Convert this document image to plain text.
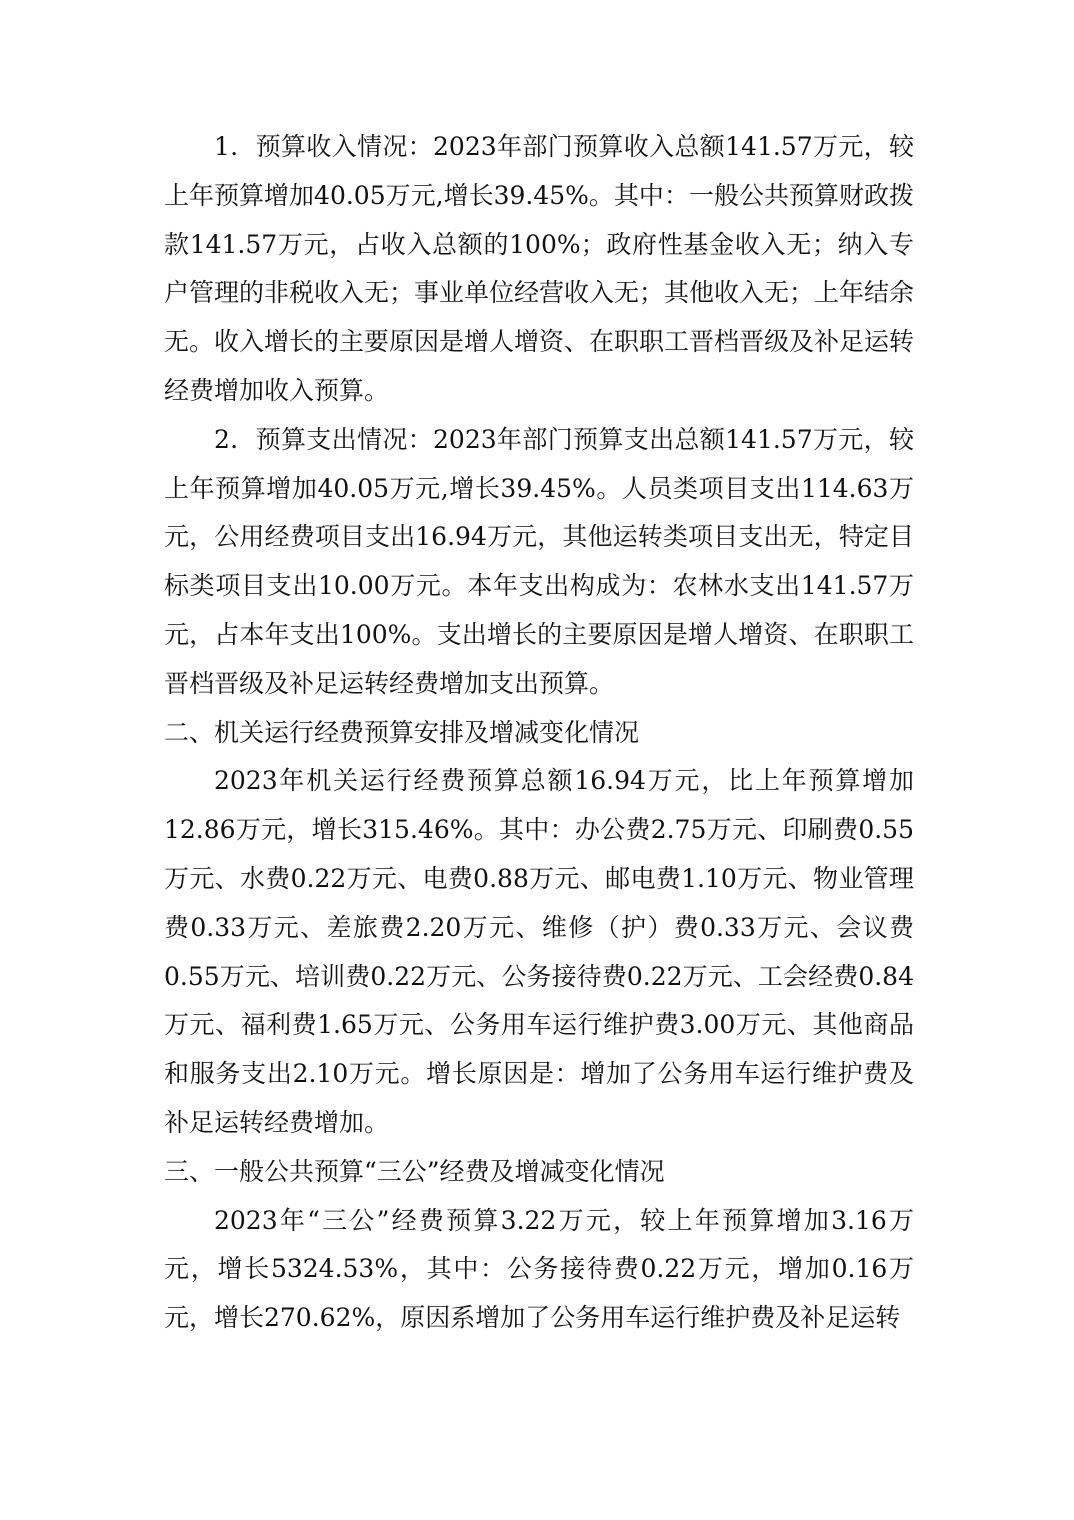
1．预算收入情况：2023年部门预算收入总额141.57万元，较上年预算增加40.05万元,增长39.45%。其中：一般公共预算财政拨款141.57万元，占收入总额的100%；政府性基金收入无；纳入专户管理的非税收入无；事业单位经营收入无；其他收入无；上年结余无。收入增长的主要原因是增人增资、在职职工晋档晋级及补足运转经费增加收入预算。

2．预算支出情况：2023年部门预算支出总额141.57万元，较上年预算增加40.05万元,增长39.45%。人员类项目支出114.63万元，公用经费项目支出16.94万元，其他运转类项目支出无，特定目标类项目支出10.00万元。本年支出构成为：农林水支出141.57万元，占本年支出100%。支出增长的主要原因是增人增资、在职职工晋档晋级及补足运转经费增加支出预算。

二、机关运行经费预算安排及增减变化情况

2023年机关运行经费预算总额16.94万元，比上年预算增加12.86万元，增长315.46%。其中：办公费2.75万元、印刷费0.55万元、水费0.22万元、电费0.88万元、邮电费1.10万元、物业管理费0.33万元、差旅费2.20万元、维修（护）费0.33万元、会议费0.55万元、培训费0.22万元、公务接待费0.22万元、工会经费0.84万元、福利费1.65万元、公务用车运行维护费3.00万元、其他商品和服务支出2.10万元。增长原因是：增加了公务用车运行维护费及补足运转经费增加。

三、一般公共预算“三公”经费及增减变化情况

2023年“三公”经费预算3.22万元，较上年预算增加3.16万元，增长5324.53%，其中：公务接待费0.22万元，增加0.16万元，增长270.62%，原因系增加了公务用车运行维护费及补足运转
